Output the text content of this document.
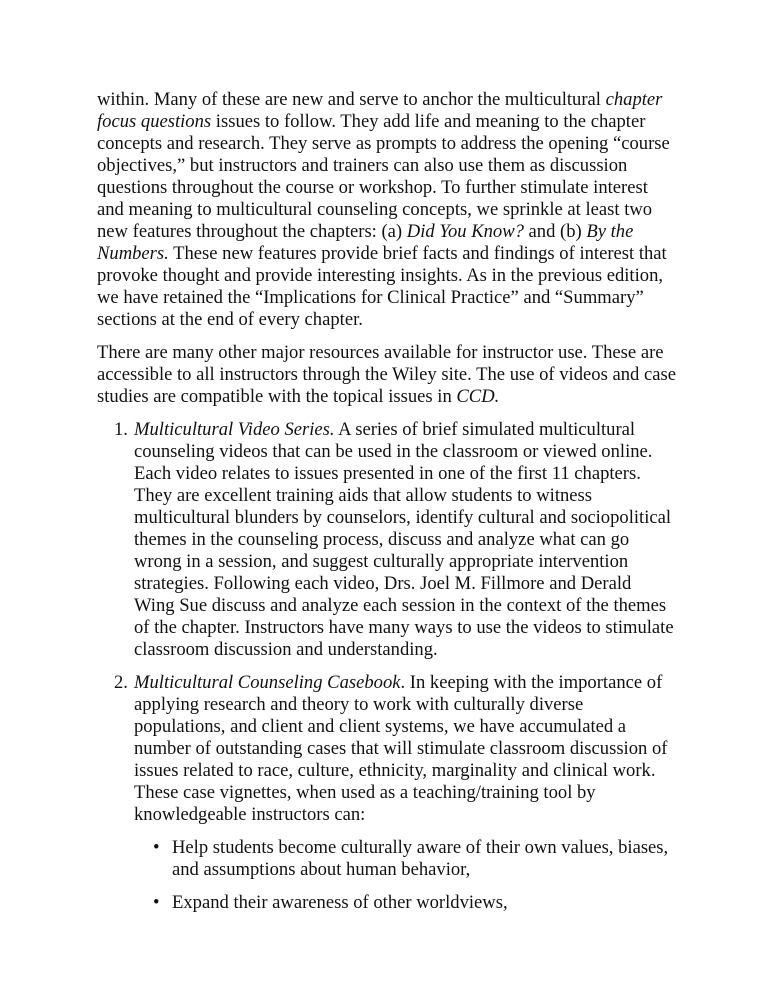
within. Many of these are new and serve to anchor the multicultural chapter focus questions issues to follow. They add life and meaning to the chapter concepts and research. They serve as prompts to address the opening “course objectives,” but instructors and trainers can also use them as discussion questions throughout the course or workshop. To further stimulate interest and meaning to multicultural counseling concepts, we sprinkle at least two new features throughout the chapters: (a) Did You Know? and (b) By the Numbers. These new features provide brief facts and findings of interest that provoke thought and provide interesting insights. As in the previous edition, we have retained the “Implications for Clinical Practice” and “Summary” sections at the end of every chapter.

There are many other major resources available for instructor use. These are accessible to all instructors through the Wiley site. The use of videos and case studies are compatible with the topical issues in CCD.

1. Multicultural Video Series. A series of brief simulated multicultural counseling videos that can be used in the classroom or viewed online. Each video relates to issues presented in one of the first 11 chapters. They are excellent training aids that allow students to witness multicultural blunders by counselors, identify cultural and sociopolitical themes in the counseling process, discuss and analyze what can go wrong in a session, and suggest culturally appropriate intervention strategies. Following each video, Drs. Joel M. Fillmore and Derald Wing Sue discuss and analyze each session in the context of the themes of the chapter. Instructors have many ways to use the videos to stimulate classroom discussion and understanding.
2. Multicultural Counseling Casebook. In keeping with the importance of applying research and theory to work with culturally diverse populations, and client and client systems, we have accumulated a number of outstanding cases that will stimulate classroom discussion of issues related to race, culture, ethnicity, marginality and clinical work. These case vignettes, when used as a teaching/training tool by knowledgeable instructors can:
• Help students become culturally aware of their own values, biases, and assumptions about human behavior,
• Expand their awareness of other worldviews,
